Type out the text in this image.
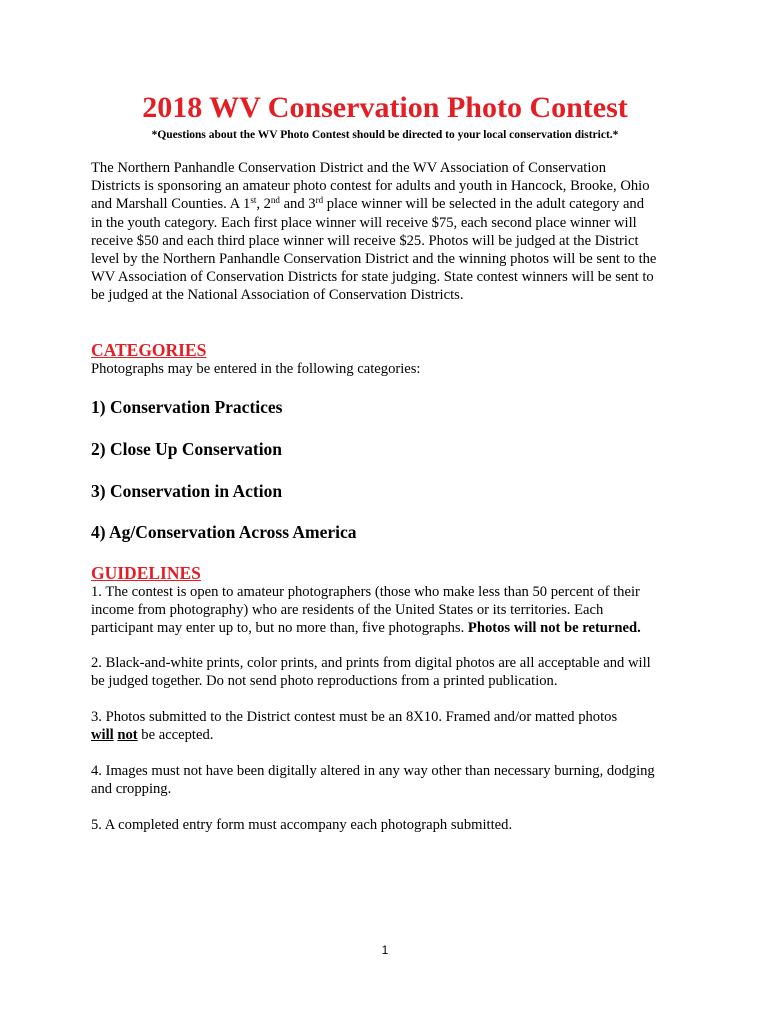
2018 WV Conservation Photo Contest
*Questions about the WV Photo Contest should be directed to your local conservation district.*

The Northern Panhandle Conservation District and the WV Association of Conservation
Districts is sponsoring an amateur photo contest for adults and youth in Hancock, Brooke, Ohio
and Marshall Counties. A 1st, 2nd and 3rd place winner will be selected in the adult category and
in the youth category. Each first place winner will receive $75, each second place winner will
receive $50 and each third place winner will receive $25. Photos will be judged at the District
level by the Northern Panhandle Conservation District and the winning photos will be sent to the
WV Association of Conservation Districts for state judging. State contest winners will be sent to
be judged at the National Association of Conservation Districts.

CATEGORIES

Photographs may be entered in the following categories:

1) Conservation Practices
2) Close Up Conservation
3) Conservation in Action
4) Ag/Conservation Across America
GUIDELINES

1. The contest is open to amateur photographers (those who make less than 50 percent of their
income from photography) who are residents of the United States or its territories. Each
participant may enter up to, but no more than, five photographs. Photos will not be returned.

2. Black-and-white prints, color prints, and prints from digital photos are all acceptable and will
be judged together. Do not send photo reproductions from a printed publication.

3. Photos submitted to the District contest must be an 8X10. Framed and/or matted photos
will not be accepted.

4. Images must not have been digitally altered in any way other than necessary burning, dodging
and cropping.

5. A completed entry form must accompany each photograph submitted.

1
